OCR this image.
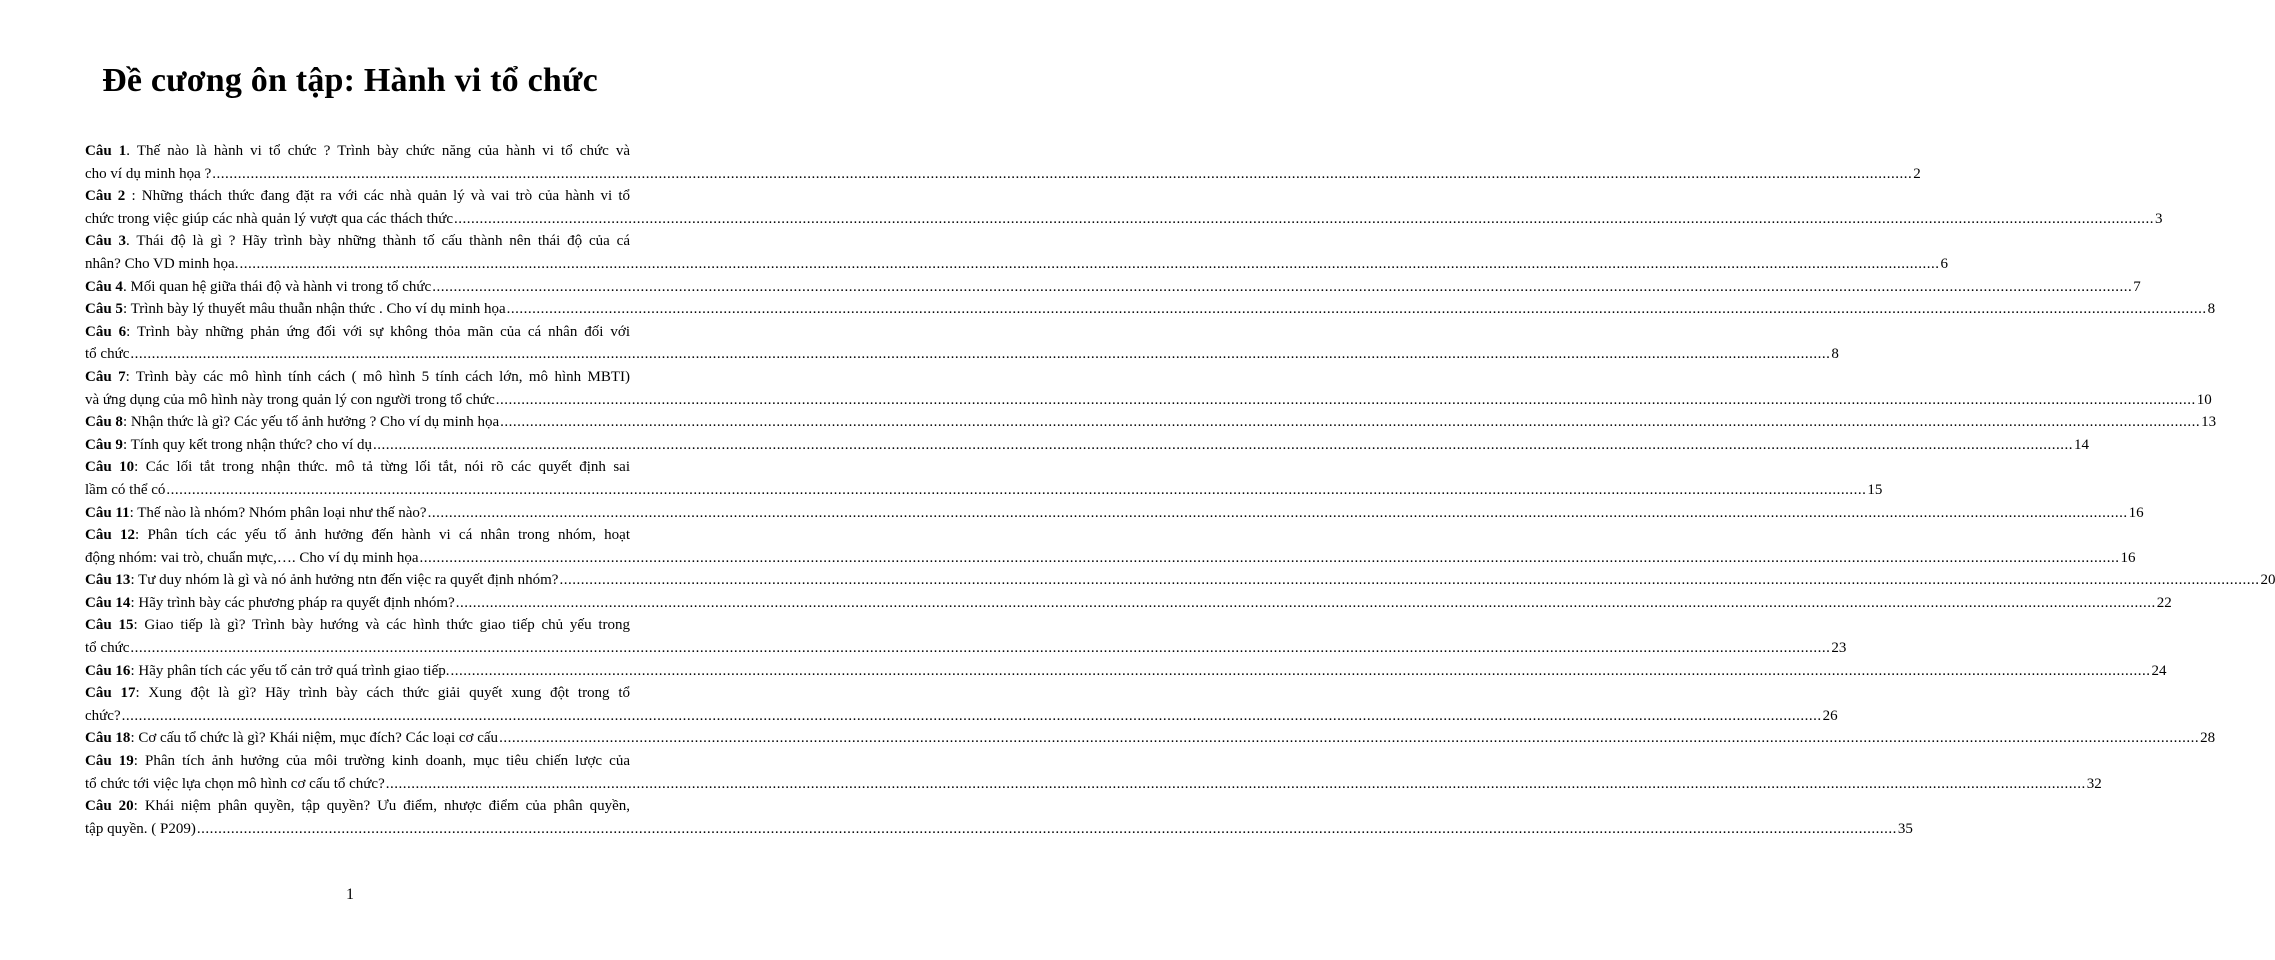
Đề cương ôn tập: Hành vi tổ chức
Câu 1. Thế nào là hành vi tổ chức ? Trình bày chức năng của hành vi tổ chức và
cho ví dụ minh họa ? ................................................................................................................................................................................................................................................................................................................................................................................................................ 2
Câu 2 : Những thách thức đang đặt ra với các nhà quản lý và vai trò của hành vi tổ
chức trong việc giúp các nhà quản lý vượt qua các thách thức ................................................................................................................................................................................................................................................................................................................................................................................................................ 3
Câu 3. Thái độ là gì ? Hãy trình bày những thành tố cấu thành nên thái độ của cá
nhân? Cho VD minh họa. ................................................................................................................................................................................................................................................................................................................................................................................................................ 6
Câu 4. Mối quan hệ giữa thái độ và hành vi trong tổ chức ................................................................................................................................................................................................................................................................................................................................................................................................................ 7
Câu 5: Trình bày lý thuyết mâu thuẫn nhận thức . Cho ví dụ minh họa ................................................................................................................................................................................................................................................................................................................................................................................................................ 8
Câu 6: Trình bày những phản ứng đối với sự không thỏa mãn của cá nhân đối với
tổ chức ................................................................................................................................................................................................................................................................................................................................................................................................................ 8
Câu 7: Trình bày các mô hình tính cách ( mô hình 5 tính cách lớn, mô hình MBTI)
và ứng dụng của mô hình này trong quản lý con người trong tổ chức ................................................................................................................................................................................................................................................................................................................................................................................................................ 10
Câu 8: Nhận thức là gì? Các yếu tố ảnh hưởng ? Cho ví dụ minh họa ................................................................................................................................................................................................................................................................................................................................................................................................................ 13
Câu 9: Tính quy kết trong nhận thức? cho ví dụ ................................................................................................................................................................................................................................................................................................................................................................................................................ 14
Câu 10: Các lối tắt trong nhận thức. mô tả từng lối tắt, nói rõ các quyết định sai
lầm có thể có ................................................................................................................................................................................................................................................................................................................................................................................................................ 15
Câu 11: Thế nào là nhóm? Nhóm phân loại như thế nào? ................................................................................................................................................................................................................................................................................................................................................................................................................ 16
Câu 12: Phân tích các yếu tố ảnh hưởng đến hành vi cá nhân trong nhóm, hoạt
động nhóm: vai trò, chuẩn mực,…. Cho ví dụ minh họa ................................................................................................................................................................................................................................................................................................................................................................................................................ 16
Câu 13: Tư duy nhóm là gì và nó ảnh hưởng ntn đến việc ra quyết định nhóm? ................................................................................................................................................................................................................................................................................................................................................................................................................ 20
Câu 14: Hãy trình bày các phương pháp ra quyết định nhóm? ................................................................................................................................................................................................................................................................................................................................................................................................................ 22
Câu 15: Giao tiếp là gì? Trình bày hướng và các hình thức giao tiếp chủ yếu trong
tổ chức ................................................................................................................................................................................................................................................................................................................................................................................................................ 23
Câu 16: Hãy phân tích các yếu tố cản trở quá trình giao tiếp. ................................................................................................................................................................................................................................................................................................................................................................................................................ 24
Câu 17: Xung đột là gì? Hãy trình bày cách thức giải quyết xung đột trong tổ
chức? ................................................................................................................................................................................................................................................................................................................................................................................................................ 26
Câu 18: Cơ cấu tổ chức là gì? Khái niệm, mục đích? Các loại cơ cấu ................................................................................................................................................................................................................................................................................................................................................................................................................ 28
Câu 19: Phân tích ảnh hưởng của môi trường kinh doanh, mục tiêu chiến lược của
tổ chức tới việc lựa chọn mô hình cơ cấu tổ chức? ................................................................................................................................................................................................................................................................................................................................................................................................................ 32
Câu 20: Khái niệm phân quyền, tập quyền? Ưu điểm, nhược điểm của phân quyền,
tập quyền. ( P209) ................................................................................................................................................................................................................................................................................................................................................................................................................ 35
1
